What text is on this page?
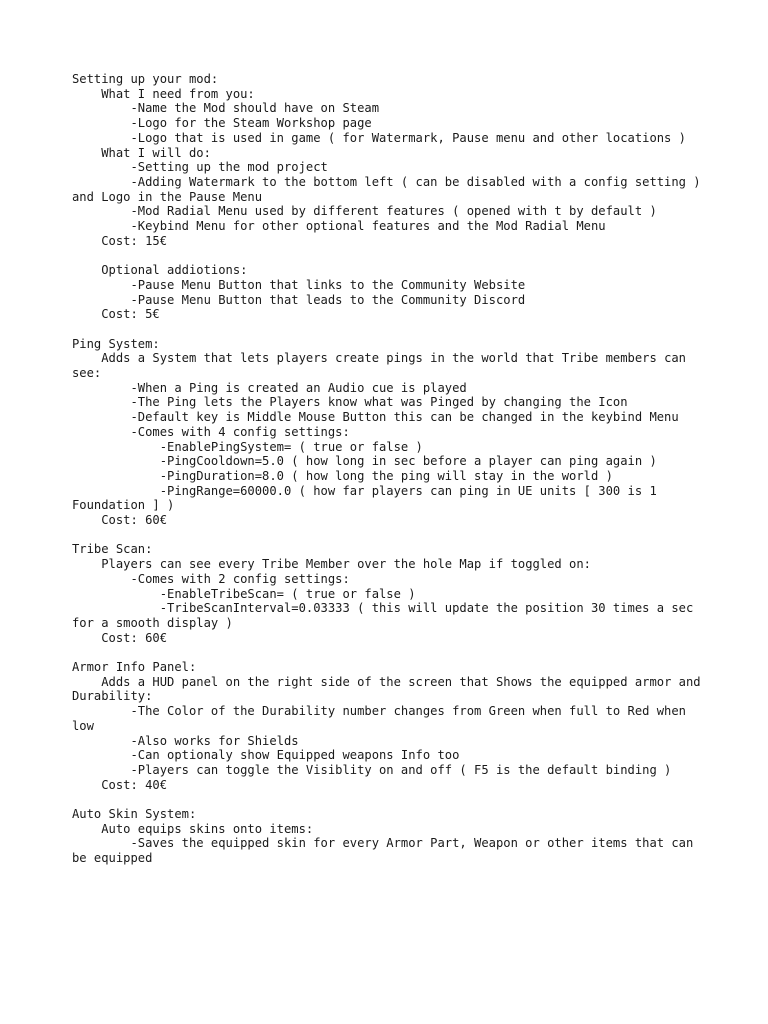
Setting up your mod:
	What I need from you:
		-Name the Mod should have on Steam
		-Logo for the Steam Workshop page
		-Logo that is used in game ( for Watermark, Pause menu and other locations )
	What I will do:
		-Setting up the mod project
		-Adding Watermark to the bottom left ( can be disabled with a config setting ) and Logo in the Pause Menu
		-Mod Radial Menu used by different features ( opened with t by default )
		-Keybind Menu for other optional features and the Mod Radial Menu
	Cost: 15€
	Optional addiotions:
		-Pause Menu Button that links to the Community Website
		-Pause Menu Button that leads to the Community Discord
	Cost: 5€
Ping System:
	Adds a System that lets players create pings in the world that Tribe members can see:
		-When a Ping is created an Audio cue is played
		-The Ping lets the Players know what was Pinged by changing the Icon
		-Default key is Middle Mouse Button this can be changed in the keybind Menu
		-Comes with 4 config settings:
			-EnablePingSystem= ( true or false )
			-PingCooldown=5.0 ( how long in sec before a player can ping again )
			-PingDuration=8.0 ( how long the ping will stay in the world )
			-PingRange=60000.0 ( how far players can ping in UE units [ 300 is 1 Foundation ] )
	Cost: 60€
Tribe Scan:
	Players can see every Tribe Member over the hole Map if toggled on:
		-Comes with 2 config settings:
			-EnableTribeScan= ( true or false )
			-TribeScanInterval=0.03333 ( this will update the position 30 times a sec for a smooth display )
	Cost: 60€
Armor Info Panel:
	Adds a HUD panel on the right side of the screen that Shows the equipped armor and Durability:
		-The Color of the Durability number changes from Green when full to Red when low
		-Also works for Shields
		-Can optionaly show Equipped weapons Info too
		-Players can toggle the Visiblity on and off ( F5 is the default binding )
	Cost: 40€
Auto Skin System:
	Auto equips skins onto items:
		-Saves the equipped skin for every Armor Part, Weapon or other items that can be equipped
